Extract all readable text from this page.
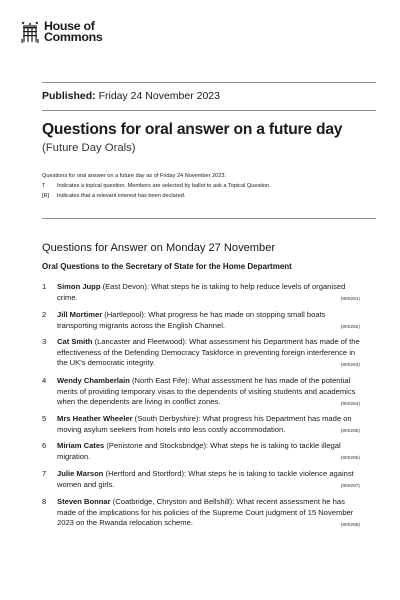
House of
Commons
Published: Friday 24 November 2023
Questions for oral answer on a future day
(Future Day Orals)
Questions for oral answer on a future day as of Friday 24 November 2023.
T	Indicates a topical question. Members are selected by ballot to ask a Topical Question.
[R]	Indicates that a relevant interest has been declared.
Questions for Answer on Monday 27 November
Oral Questions to the Secretary of State for the Home Department
1	Simon Jupp (East Devon): What steps he is taking to help reduce levels of organised crime.	(900281)
2	Jill Mortimer (Hartlepool): What progress he has made on stopping small boats transporting migrants across the English Channel.	(900282)
3	Cat Smith (Lancaster and Fleetwood): What assessment his Department has made of the effectiveness of the Defending Democracy Taskforce in preventing foreign interference in the UK's democratic integrity.	(900283)
4	Wendy Chamberlain (North East Fife): What assessment he has made of the potential merits of providing temporary visas to the dependents of visiting students and academics when the dependents are living in conflict zones.	(900284)
5	Mrs Heather Wheeler (South Derbyshire): What progress his Department has made on moving asylum seekers from hotels into less costly accommodation.	(900285)
6	Miriam Cates (Penistone and Stocksbridge): What steps he is taking to tackle illegal migration.	(900286)
7	Julie Marson (Hertford and Stortford): What steps he is taking to tackle violence against women and girls.	(900287)
8	Steven Bonnar (Coatbridge, Chryston and Bellshill): What recent assessment he has made of the implications for his policies of the Supreme Court judgment of 15 November 2023 on the Rwanda relocation scheme.	(900288)
